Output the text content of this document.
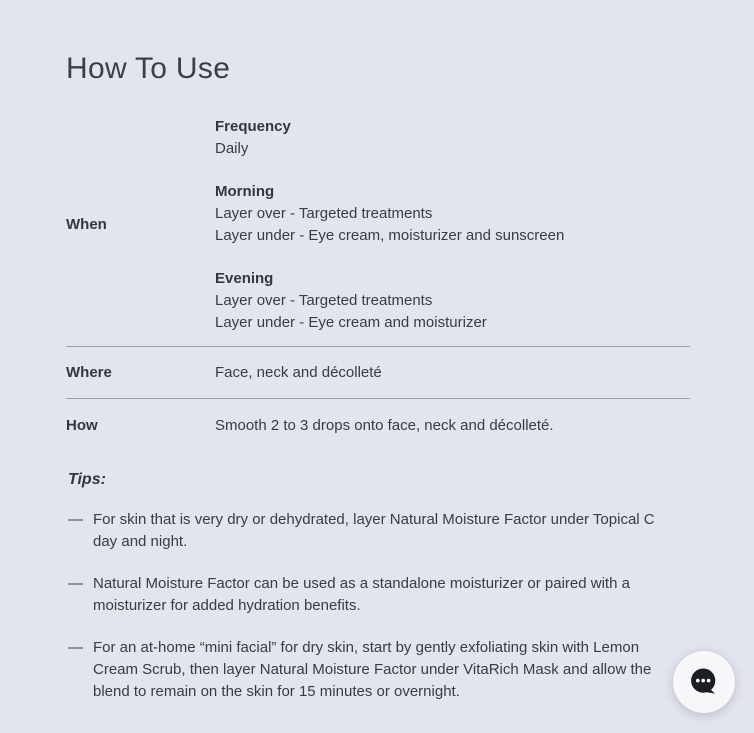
How To Use
When
Frequency
Daily
Morning
Layer over - Targeted treatments
Layer under - Eye cream, moisturizer and sunscreen
Evening
Layer over - Targeted treatments
Layer under - Eye cream and moisturizer
Where	Face, neck and décolleté
How	Smooth 2 to 3 drops onto face, neck and décolleté.
Tips:
— For skin that is very dry or dehydrated, layer Natural Moisture Factor under Topical C day and night.
— Natural Moisture Factor can be used as a standalone moisturizer or paired with a moisturizer for added hydration benefits.
— For an at-home “mini facial” for dry skin, start by gently exfoliating skin with Lemon Cream Scrub, then layer Natural Moisture Factor under VitaRich Mask and allow the blend to remain on the skin for 15 minutes or overnight.
